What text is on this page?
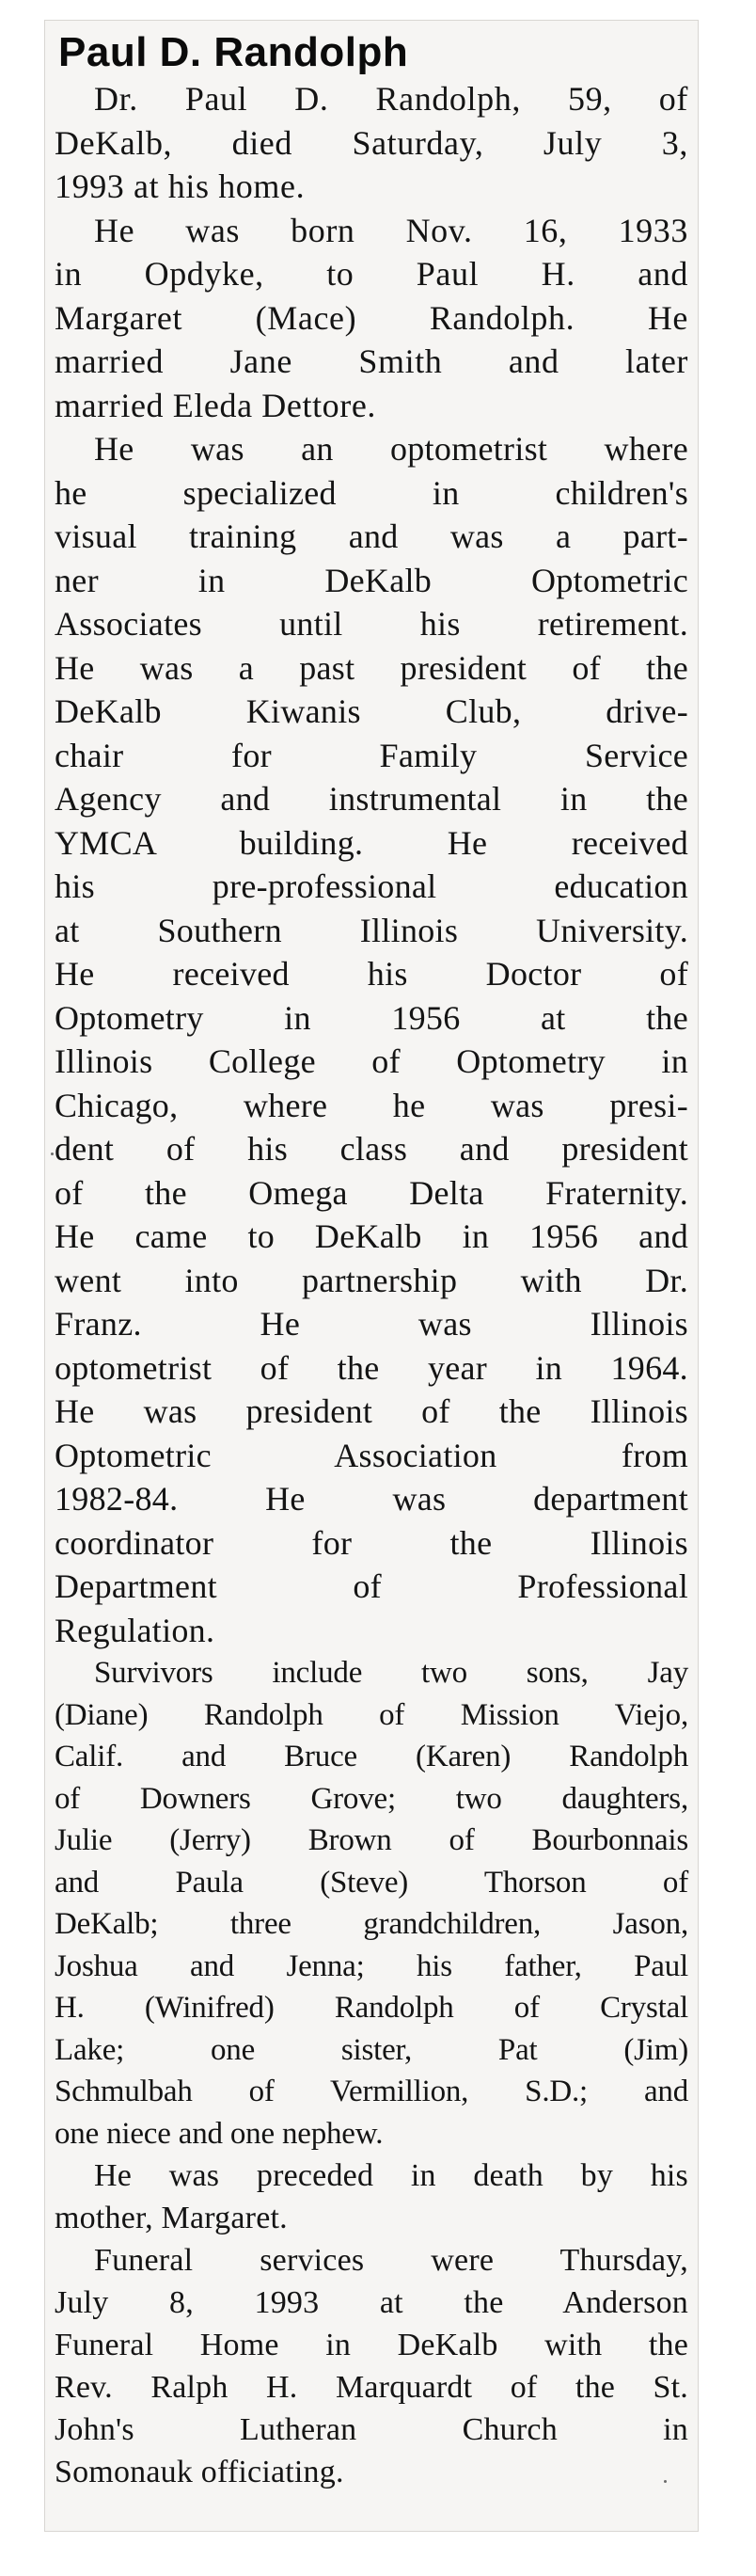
Paul D. Randolph

Dr. Paul D. Randolph, 59, of
DeKalb, died Saturday, July 3,
1993 at his home.

He was born Nov. 16, 1933
in Opdyke, to Paul H. and
Margaret (Mace) Randolph. He
married Jane Smith and later
married Eleda Dettore.

He was an optometrist where
he specialized in children's
visual training and was a part-
ner in DeKalb Optometric
Associates until his retirement.
He was a past president of the
DeKalb Kiwanis Club, drive-
chair for Family Service
Agency and instrumental in the
YMCA building. He received
his pre-professional education
at Southern Illinois University.
He received his Doctor of
Optometry in 1956 at the
Illinois College of Optometry in
Chicago, where he was presi-
dent of his class and president
of the Omega Delta Fraternity.
He came to DeKalb in 1956 and
went into partnership with Dr.
Franz. He was Illinois
optometrist of the year in 1964.
He was president of the Illinois
Optometric Association from
1982-84. He was department
coordinator for the Illinois
Department of Professional
Regulation.

Survivors include two sons, Jay
(Diane) Randolph of Mission Viejo,
Calif. and Bruce (Karen) Randolph
of Downers Grove; two daughters,
Julie (Jerry) Brown of Bourbonnais
and Paula (Steve) Thorson of
DeKalb; three grandchildren, Jason,
Joshua and Jenna; his father, Paul
H. (Winifred) Randolph of Crystal
Lake; one sister, Pat (Jim)
Schmulbah of Vermillion, S.D.; and
one niece and one nephew.

He was preceded in death by his
mother, Margaret.

Funeral services were Thursday,
July 8, 1993 at the Anderson
Funeral Home in DeKalb with the
Rev. Ralph H. Marquardt of the St.
John's Lutheran Church in
Somonauk officiating.
